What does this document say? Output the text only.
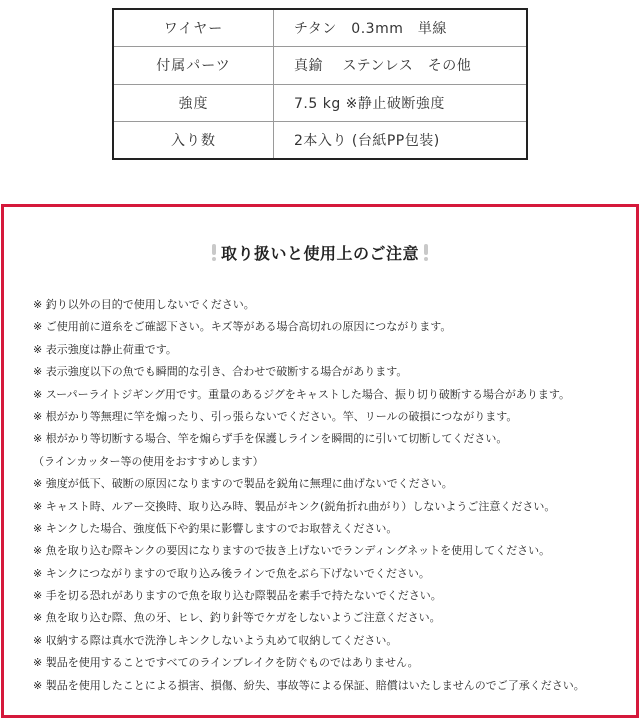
ワイヤー	チタン　0.3mm　単線
付属パーツ	真鍮　 ステンレス　その他
強度	7.5 kg ※静止破断強度
入り数	2本入り (台紙PP包装)
取り扱いと使用上のご注意
※ 釣り以外の目的で使用しないでください。
※ ご使用前に道糸をご確認下さい。キズ等がある場合高切れの原因につながります。
※ 表示強度は静止荷重です。
※ 表示強度以下の魚でも瞬間的な引き、合わせで破断する場合があります。
※ スーパーライトジギング用です。重量のあるジグをキャストした場合、振り切り破断する場合があります。
※ 根がかり等無理に竿を煽ったり、引っ張らないでください。竿、リールの破損につながります。
※ 根がかり等切断する場合、竿を煽らず手を保護しラインを瞬間的に引いて切断してください。
（ラインカッター等の使用をおすすめします）
※ 強度が低下、破断の原因になりますので製品を鋭角に無理に曲げないでください。
※ キャスト時、ルアー交換時、取り込み時、製品がキンク(鋭角折れ曲がり）しないようご注意ください。
※ キンクした場合、強度低下や釣果に影響しますのでお取替えください。
※ 魚を取り込む際キンクの要因になりますので抜き上げないでランディングネットを使用してください。
※ キンクにつながりますので取り込み後ラインで魚をぶら下げないでください。
※ 手を切る恐れがありますので魚を取り込む際製品を素手で持たないでください。
※ 魚を取り込む際、魚の牙、ヒレ、釣り針等でケガをしないようご注意ください。
※ 収納する際は真水で洗浄しキンクしないよう丸めて収納してください。
※ 製品を使用することですべてのラインブレイクを防ぐものではありません。
※ 製品を使用したことによる損害、損傷、紛失、事故等による保証、賠償はいたしませんのでご了承ください。
